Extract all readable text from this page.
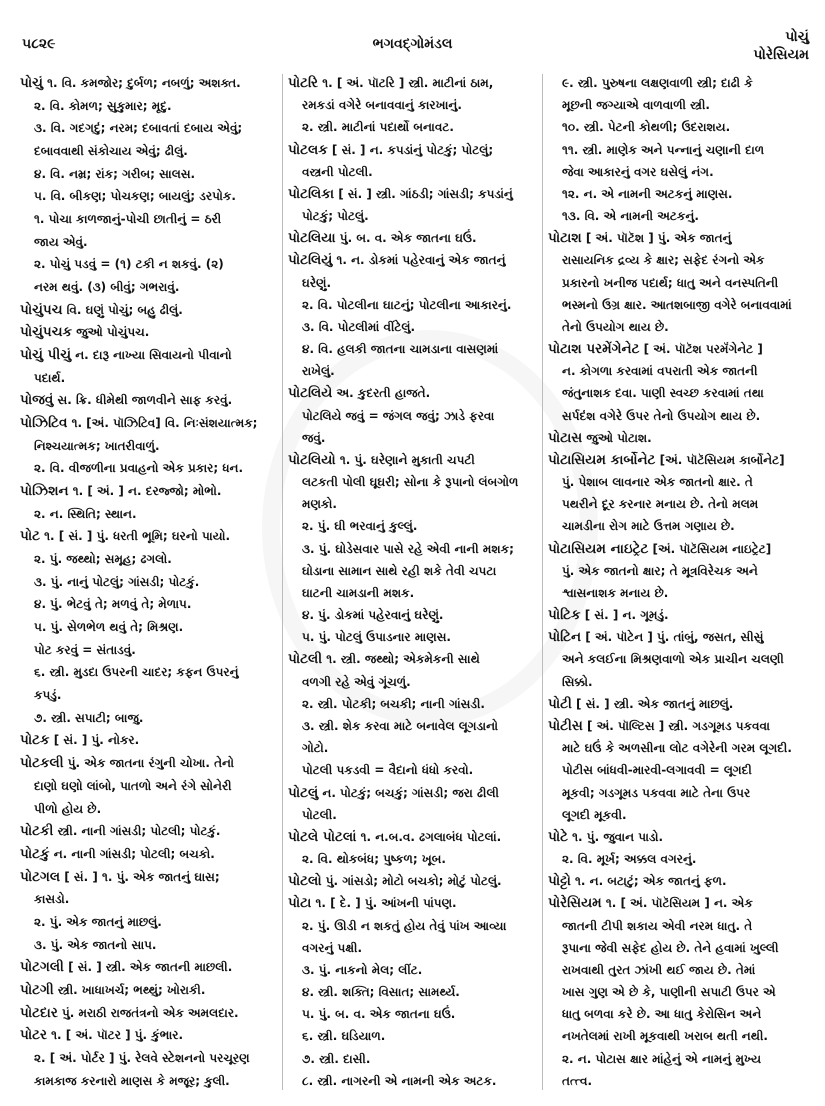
૫૮૨૯	ભગવદ્ગોમંડલ	પોચું
પોરેસિયમ
પોચું ૧. વિ. કમજોર; દુર્બળ; નબળું; અશક્ત.
૨. વિ. કોમળ; સુકુમાર; મૃદુ.
૩. વિ. ગદગદું; નરમ; દબાવતાં દબાય એવું;
દબાવવાથી સંકોચાય એવું; ઢીલું.
૪. વિ. નમ્ર; રાંક; ગરીબ; સાલસ.
૫. વિ. બીકણ; પોચકણ; બાયલું; ડરપોક.
૧. પોચા કાળજાનું-પોચી છાતીનું = ઠરી
જાય એવું.
૨. પોચું પડવું = (૧) ટકી ન શકવું. (૨)
નરમ થવું. (૩) બીવું; ગભરાવું.
પોચુંપચ વિ. ઘણું પોચું; બહુ ઢીલું.
પોચુંપચક જુઓ પોચુંપચ.
પોચું પીચું ન. દારૂ નાખ્યા સિવાયનો પીવાનો
પદાર્થ.
પોજવું સ. ક્રિ. ધીમેથી જાળવીને સાફ કરવું.
પોઝિટિવ ૧. [અં. પૉઝિટિવ] વિ. નિઃસંશયાત્મક;
નિશ્ચયાત્મક; ખાતરીવાળું.
૨. વિ. વીજળીના પ્રવાહનો એક પ્રકાર; ધન.
પોઝિશન ૧. [ અં. ] ન. દરજ્જો; મોભો.
૨. ન. સ્થિતિ; સ્થાન.
પોટ ૧. [ સં. ] પું. ધરતી ભૂમિ; ઘરનો પાયો.
૨. પું. જથ્થો; સમૂહ; ઢગલો.
૩. પું. નાનું પોટલું; ગાંસડી; પોટકું.
૪. પું. ભેટવું તે; મળવું તે; મેળાપ.
૫. પું. સેળભેળ થવું તે; મિશ્રણ.
પોટ કરવું = સંતાડવું.
૬. સ્ત્રી. મુડદા ઉપરની ચાદર; કફન ઉપરનું
કપડું.
૭. સ્ત્રી. સપાટી; બાજુ.
પોટક [ સં. ] પું. નોકર.
પોટકલી પું. એક જાતના રંગુની ચોખા. તેનો
દાણો ઘણો લાંબો, પાતળો અને રંગે સોનેરી
પીળો હોય છે.
પોટકી સ્ત્રી. નાની ગાંસડી; પોટલી; પોટકું.
પોટકું ન. નાની ગાંસડી; પોટલી; બચકો.
પોટગલ [ સં. ] ૧. પું. એક જાતનું ઘાસ;
કાસડો.
૨. પું. એક જાતનું માછલું.
૩. પું. એક જાતનો સાપ.
પોટગલી [ સં. ] સ્ત્રી. એક જાતની માછલી.
પોટગી સ્ત્રી. ખાધાખર્ચ; ભથ્થું; ખોરાકી.
પોટદાર પું. મરાઠી રાજતંત્રનો એક અમલદાર.
પોટર ૧. [ અં. પૉટર ] પું. કુંભાર.
૨. [ અં. પોર્ટર ] પું. રેલવે સ્ટેશનનો પરચૂરણ
કામકાજ કરનારો માણસ કે મજૂર; કુલી.
પોટરિ ૧. [ અં. પૉટરિ ] સ્ત્રી. માટીનાં ઠામ,
રમકડાં વગેરે બનાવવાનું કારખાનું.
૨. સ્ત્રી. માટીનાં પદાર્થો બનાવટ.
પોટલક [ સં. ] ન. કપડાંનું પોટકું; પોટલું;
વસ્ત્રની પોટલી.
પોટલિકા [ સં. ] સ્ત્રી. ગાંઠડી; ગાંસડી; કપડાંનું
પોટકું; પોટલું.
પોટલિયા પું. બ. વ. એક જાતના ઘઉં.
પોટલિયું ૧. ન. ડોકમાં પહેરવાનું એક જાતનું
ઘરેણું.
૨. વિ. પોટલીના ઘાટનું; પોટલીના આકારનું.
૩. વિ. પોટલીમાં વીંટેલું.
૪. વિ. હલકી જાતના ચામડાના વાસણમાં
રાખેલું.
પોટલિયે અ. કુદરતી હાજતે.
પોટલિયે જવું = જંગલ જવું; ઝાડે ફરવા
જવું.
પોટલિયો ૧. પું. ઘરેણાને મુકાતી ચપટી
લટકતી પોલી ઘૂઘરી; સોના કે રૂપાનો લંબગોળ
મણકો.
૨. પું. ઘી ભરવાનું કુલ્લું.
૩. પું. ઘોડેસવાર પાસે રહે એવી નાની મશક;
ઘોડાના સામાન સાથે રહી શકે તેવી ચપટા
ઘાટની ચામડાની મશક.
૪. પું. ડોકમાં પહેરવાનું ઘરેણું.
૫. પું. પોટલું ઉપાડનાર માણસ.
પોટલી ૧. સ્ત્રી. જથ્થો; એકમેકની સાથે
વળગી રહે એવું ગૂંચળું.
૨. સ્ત્રી. પોટકી; બચકી; નાની ગાંસડી.
૩. સ્ત્રી. શેક કરવા માટે બનાવેલ લૂગડાનો
ગોટો.
પોટલી પકડવી = વૈદાનો ધંધો કરવો.
પોટલું ન. પોટકું; બચકું; ગાંસડી; જરા ઢીલી
પોટલી.
પોટલે પોટલાં ૧. ન.બ.વ. ઢગલાબંધ પોટલાં.
૨. વિ. થોકબંધ; પુષ્કળ; ખૂબ.
પોટલો પું. ગાંસડો; મોટો બચકો; મોટું પોટલું.
પોટા ૧. [ દે. ] પું. આંખની પાંપણ.
૨. પું. ઊડી ન શકતું હોય તેવું પાંખ આવ્યા
વગરનું પક્ષી.
૩. પું. નાકનો મેલ; લીંટ.
૪. સ્ત્રી. શક્તિ; વિસાત; સામર્થ્ય.
૫. પું. બ. વ. એક જાતના ઘઉં.
૬. સ્ત્રી. ઘડિયાળ.
૭. સ્ત્રી. દાસી.
૮. સ્ત્રી. નાગરની એ નામની એક અટક.
૯. સ્ત્રી. પુરુષના લક્ષણવાળી સ્ત્રી; દાઢી કે
મૂછની જગ્યાએ વાળવાળી સ્ત્રી.
૧૦. સ્ત્રી. પેટની કોથળી; ઉદરાશય.
૧૧. સ્ત્રી. માણેક અને પન્નાનું ચણાની દાળ
જેવા આકારનું વગર ઘસેલું નંગ.
૧૨. ન. એ નામની અટકનું માણસ.
૧૩. વિ. એ નામની અટકનું.
પોટાશ [ અં. પૉટૅશ ] પું. એક જાતનું
રાસાયનિક દ્રવ્ય કે ક્ષાર; સફેદ રંગનો એક
પ્રકારનો ખનીજ પદાર્થ; ધાતુ અને વનસ્પતિની
ભસ્મનો ઉગ્ર ક્ષાર. આતશબાજી વગેરે બનાવવામાં
તેનો ઉપયોગ થાય છે.
પોટાશ પરમેંગેનેટ [ અં. પૉટૅશ પરમૅંગેનેટ ]
ન. કોગળા કરવામાં વપરાતી એક જાતની
જંતુનાશક દવા. પાણી સ્વચ્છ કરવામાં તથા
સર્પદંશ વગેરે ઉપર તેનો ઉપયોગ થાય છે.
પોટાસ જુઓ પોટાશ.
પોટાસિયમ કાર્બોનેટ [અં. પૉટૅસિયમ કાર્બોનેટ]
પું. પેશાબ લાવનાર એક જાતનો ક્ષાર. તે
પથરીને દૂર કરનાર મનાય છે. તેનો મલમ
ચામડીના રોગ માટે ઉત્તમ ગણાય છે.
પોટાસિયમ નાઇટ્રેટ [અં. પૉટૅસિયમ નાઇટ્રેટ]
પું. એક જાતનો ક્ષાર; તે મૂત્રવિરેચક અને
શ્વાસનાશક મનાય છે.
પોટિક [ સં. ] ન. ગૂમડું.
પોટિન [ અં. પૉટેન ] પું. તાંબું, જસત, સીસું
અને કલઈના મિશ્રણવાળો એક પ્રાચીન ચલણી
સિક્કો.
પોટી [ સં. ] સ્ત્રી. એક જાતનું માછલું.
પોટીસ [ અં. પૉલ્ટિસ ] સ્ત્રી. ગડગૂમડ પકવવા
માટે ઘઉં કે અળસીના લોટ વગેરેની ગરમ લૂગદી.
પોટીસ બાંધવી-મારવી-લગાવવી = લૂગદી
મૂકવી; ગડગૂમડ પકવવા માટે તેના ઉપર
લૂગદી મૂકવી.
પોટે ૧. પું. જુવાન પાડો.
૨. વિ. મૂર્ખ; અક્કલ વગરનું.
પોટ્ટો ૧. ન. બટાટું; એક જાતનું ફળ.
પોરેસિયમ ૧. [ અં. પૉટૅસિયમ ] ન. એક
જાતની ટીપી શકાય એવી નરમ ધાતુ. તે
રૂપાના જેવી સફેદ હોય છે. તેને હવામાં ખુલ્લી
રાખવાથી તુરત ઝાંખી થઈ જાય છે. તેમાં
ખાસ ગુણ એ છે કે, પાણીની સપાટી ઉપર એ
ધાતુ બળવા કરે છે. આ ધાતુ કેરોસિન અને
નખતેલમાં રાખી મૂકવાથી ખરાબ થતી નથી.
૨. ન. પોટાસ ક્ષાર માંહેનું એ નામનું મુખ્ય
તત્ત્વ.
